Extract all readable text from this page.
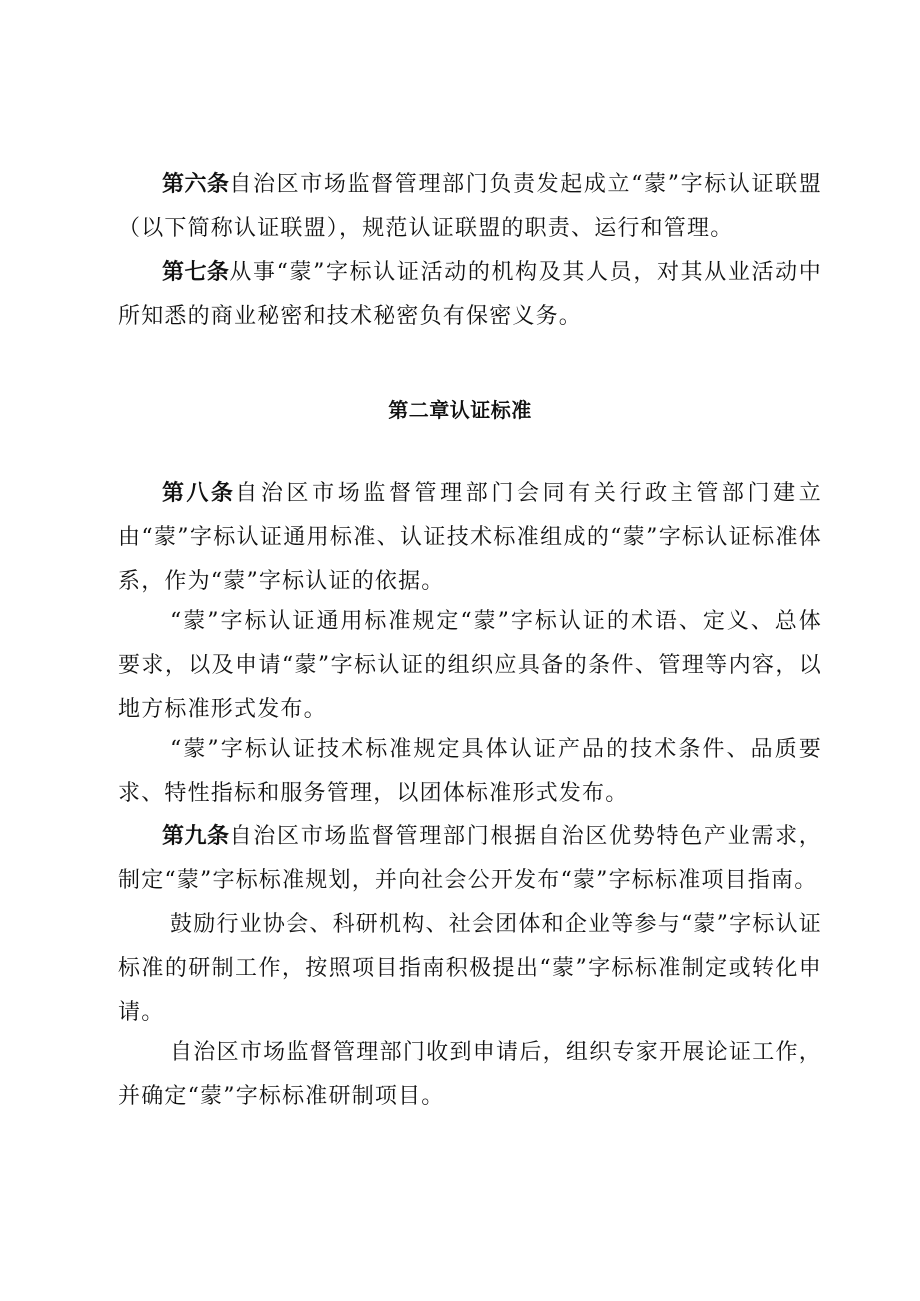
第六条自治区市场监督管理部门负责发起成立“蒙”字标认证联盟（以下简称认证联盟），规范认证联盟的职责、运行和管理。

第七条从事“蒙”字标认证活动的机构及其人员，对其从业活动中所知悉的商业秘密和技术秘密负有保密义务。

第二章认证标准

第八条自治区市场监督管理部门会同有关行政主管部门建立由“蒙”字标认证通用标准、认证技术标准组成的“蒙”字标认证标准体系，作为“蒙”字标认证的依据。

“蒙”字标认证通用标准规定“蒙”字标认证的术语、定义、总体要求，以及申请“蒙”字标认证的组织应具备的条件、管理等内容，以地方标准形式发布。

“蒙”字标认证技术标准规定具体认证产品的技术条件、品质要求、特性指标和服务管理，以团体标准形式发布。

第九条自治区市场监督管理部门根据自治区优势特色产业需求，制定“蒙”字标标准规划，并向社会公开发布“蒙”字标标准项目指南。

鼓励行业协会、科研机构、社会团体和企业等参与“蒙”字标认证标准的研制工作，按照项目指南积极提出“蒙”字标标准制定或转化申请。

自治区市场监督管理部门收到申请后，组织专家开展论证工作，并确定“蒙”字标标准研制项目。
